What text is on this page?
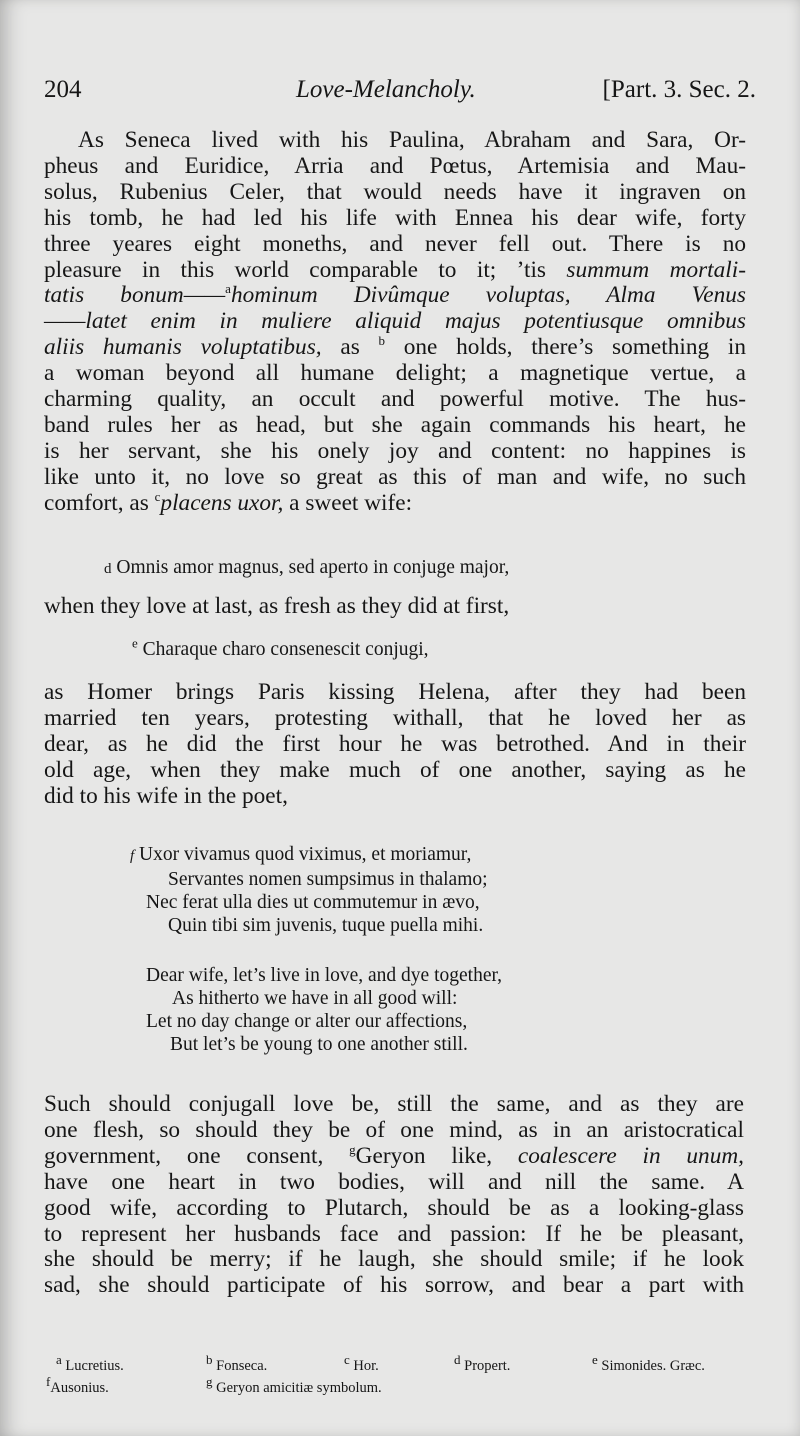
204	Love-Melancholy.	[Part. 3. Sec. 2.
As Seneca lived with his Paulina, Abraham and Sara, Or-
pheus and Euridice, Arria and Pœtus, Artemisia and Mau-
solus, Rubenius Celer, that would needs have it ingraven on
his tomb, he had led his life with Ennea his dear wife, forty
three yeares eight moneths, and never fell out. There is no
pleasure in this world comparable to it; ’tis summum mortali-
tatis bonum——$^a$hominum Divûmque voluptas, Alma Venus
——latet enim in muliere aliquid majus potentiusque omnibus
aliis humanis voluptatibus, as $^b$ one holds, there’s something in
a woman beyond all humane delight; a magnetique vertue, a
charming quality, an occult and powerful motive. The hus-
band rules her as head, but she again commands his heart, he
is her servant, she his onely joy and content: no happines is
like unto it, no love so great as this of man and wife, no such
comfort, as $^c$placens uxor, a sweet wife:
d Omnis amor magnus, sed aperto in conjuge major,
when they love at last, as fresh as they did at first,
$^e$ Charaque charo consenescit conjugi,
as Homer brings Paris kissing Helena, after they had been
married ten years, protesting withall, that he loved her as
dear, as he did the first hour he was betrothed. And in their
old age, when they make much of one another, saying as he
did to his wife in the poet,
f Uxor vivamus quod viximus, et moriamur,
Servantes nomen sumpsimus in thalamo;
Nec ferat ulla dies ut commutemur in ævo,
Quin tibi sim juvenis, tuque puella mihi.
Dear wife, let’s live in love, and dye together,
As hitherto we have in all good will:
Let no day change or alter our affections,
But let’s be young to one another still.
Such should conjugall love be, still the same, and as they are
one flesh, so should they be of one mind, as in an aristocratical
government, one consent, $^g$Geryon like, coalescere in unum,
have one heart in two bodies, will and nill the same. A
good wife, according to Plutarch, should be as a looking-glass
to represent her husbands face and passion: If he be pleasant,
she should be merry; if he laugh, she should smile; if he look
sad, she should participate of his sorrow, and bear a part with
$^a$ Lucretius.	$^b$ Fonseca.	$^c$ Hor.	$^d$ Propert.	$^e$ Simonides. Græc.
$^f$Ausonius.	$^g$ Geryon amicitiæ symbolum.
